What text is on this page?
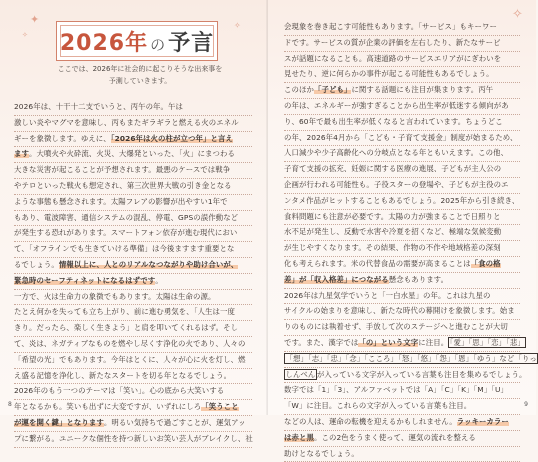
✦
✧
✧
2026年 の予言
ここでは、2026年に社会的に起こりそうな出来事を
予測していきます。
2026年は、十干十二支でいうと、丙午の年。午は
激しい炎やマグマを意味し、丙もまたギラギラと燃える火のエネル
ギーを象徴します。ゆえに、「2026年は火の柱が立つ年」と言え
ます。大噴火や火砕流、火災、大爆発といった、「火」にまつわる
大きな災害が起こることが予想されます。最悪のケースでは戦争
やテロといった戦火も想定され、第三次世界大戦の引き金となる
ような事態も懸念されます。太陽フレアの影響が出やすい1年で
もあり、電波障害、通信システムの混乱、停電、GPSの誤作動など
が発生する恐れがあります。スマートフォン依存が進む現代におい
て、「オフラインでも生きていける準備」は今後ますます重要とな
るでしょう。情報以上に、人とのリアルなつながりや助け合いが、
緊急時のセーフティネットになるはずです。
一方で、火は生命力の象徴でもあります。太陽は生命の源。
たとえ何かを失っても立ち上がり、前に進む勇気を、「人生は一度
きり。だったら、楽しく生きよう」と肩を叩いてくれるはず。そし
て、炎は、ネガティブなものを燃やし尽くす浄化の火であり、人々の
「希望の光」でもあります。今年はとくに、人々が心に火を灯し、燃
え盛る記憶を浄化し、新たなスタートを切る年となるでしょう。
2026年のもう一つのテーマは「笑い」。心の底から大笑いする
年となるかも。笑いも出ずに大変ですが、いずれにしろ「笑うこと
が運を開く鍵」となります。明るい気持ちで過ごすことが、運気アッ
プに繋がる。ユニークな個性を持つ新しいお笑い芸人がブレイクし、社
8
✧
会現象を巻き起こす可能性もあります。「サービス」もキーワー
ドです。サービスの質が企業の評価を左右したり、新たなサービ
スが話題になることも。高速道路のサービスエリアがにぎわいを
見せたり、逆に何らかの事件が起こる可能性もあるでしょう。
このほか「子ども」に関する話題にも注目が集まります。丙午
の年は、エネルギーが強すぎることから出生率が低迷する傾向があ
り、60年で最も出生率が低くなると言われています。ちょうどこ
の年、2026年4月から「こども・子育て支援金」制度が始まるため、
人口減少や少子高齢化への分岐点となる年ともいえます。この他、
子育て支援の拡充、妊娠に関する医療の進展、子どもが主人公の
企画が行われる可能性も。子役スターの登場や、子どもが主役のエ
ンタメ作品がヒットすることもあるでしょう。2025年から引き続き、
食料問題にも注意が必要です。太陽の力が強まることで日照りと
水不足が発生し、反動で水害や冷夏を招くなど、極端な気候変動
が生じやすくなります。その結果、作物の不作や地域格差の深刻
化も考えられます。米の代替食品の需要が高まることは「食の格
差」が「収入格差」につながる懸念もあります。
2026年は九星気学でいうと「一白水星」の年。これは九星の
サイクルの始まりを意味し、新たな時代の幕開けを象徴します。始ま
りのものには執着せず、手放して次のステージへと進むことが大切
です。また、漢字では「の」という文字に注目。 「愛」「思」「恋」「悲」
「想」「志」「忠」「念」「こころ」「怒」「悠」「怨」「恩」「ゆう」など「りっ
しんべん が入っている文字が入っている言葉も注目を集めるでしょう。
数字では「1」「3」、アルファベットでは「A」「C」「K」「M」「U」
「W」に注目。これらの文字が入っている言葉も注目。
などの人は、運命の転機を迎えるかもしれません。ラッキーカラー
は赤と黒。この2色をうまく使って、運気の流れを整える
助けとなるでしょう。
9
